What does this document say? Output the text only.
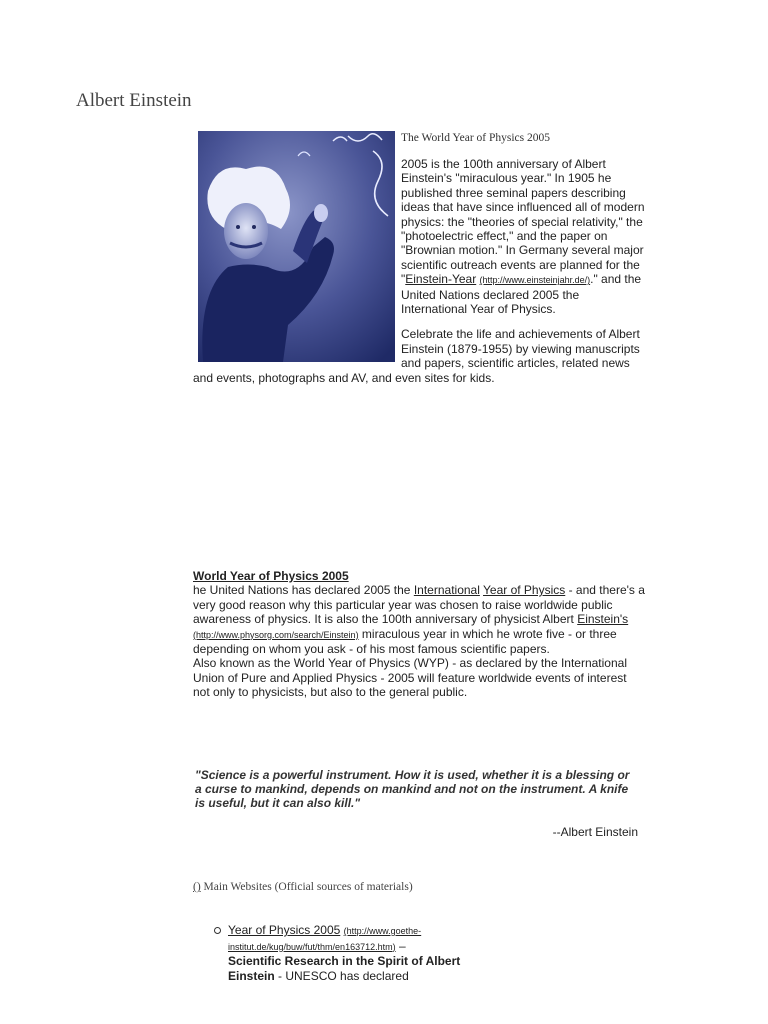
Albert Einstein
The World Year of Physics 2005

2005 is the 100th anniversary of Albert Einstein's "miraculous year." In 1905 he published three seminal papers describing ideas that have since influenced all of modern physics: the "theories of special relativity," the "photoelectric effect," and the paper on "Brownian motion." In Germany several major scientific outreach events are planned for the "Einstein-Year (http://www.einsteinjahr.de/)." and the United Nations declared 2005 the International Year of Physics.

Celebrate the life and achievements of Albert Einstein (1879-1955) by viewing manuscripts and papers, scientific articles, related news and events, photographs and AV, and even sites for kids.

World Year of Physics 2005

he United Nations has declared 2005 the International Year of Physics - and there's a very good reason why this particular year was chosen to raise worldwide public awareness of physics. It is also the 100th anniversary of physicist Albert Einstein's (http://www.physorg.com/search/Einstein) miraculous year in which he wrote five - or three depending on whom you ask - of his most famous scientific papers.

Also known as the World Year of Physics (WYP) - as declared by the International Union of Pure and Applied Physics - 2005 will feature worldwide events of interest not only to physicists, but also to the general public.

"Science is a powerful instrument. How it is used, whether it is a blessing or a curse to mankind, depends on mankind and not on the instrument. A knife is useful, but it can also kill."

--Albert Einstein

() Main Websites (Official sources of materials)

Year of Physics 2005 (http://www.goethe-institut.de/kug/buw/fut/thm/en163712.htm) –
Scientific Research in the Spirit of Albert Einstein - UNESCO has declared
